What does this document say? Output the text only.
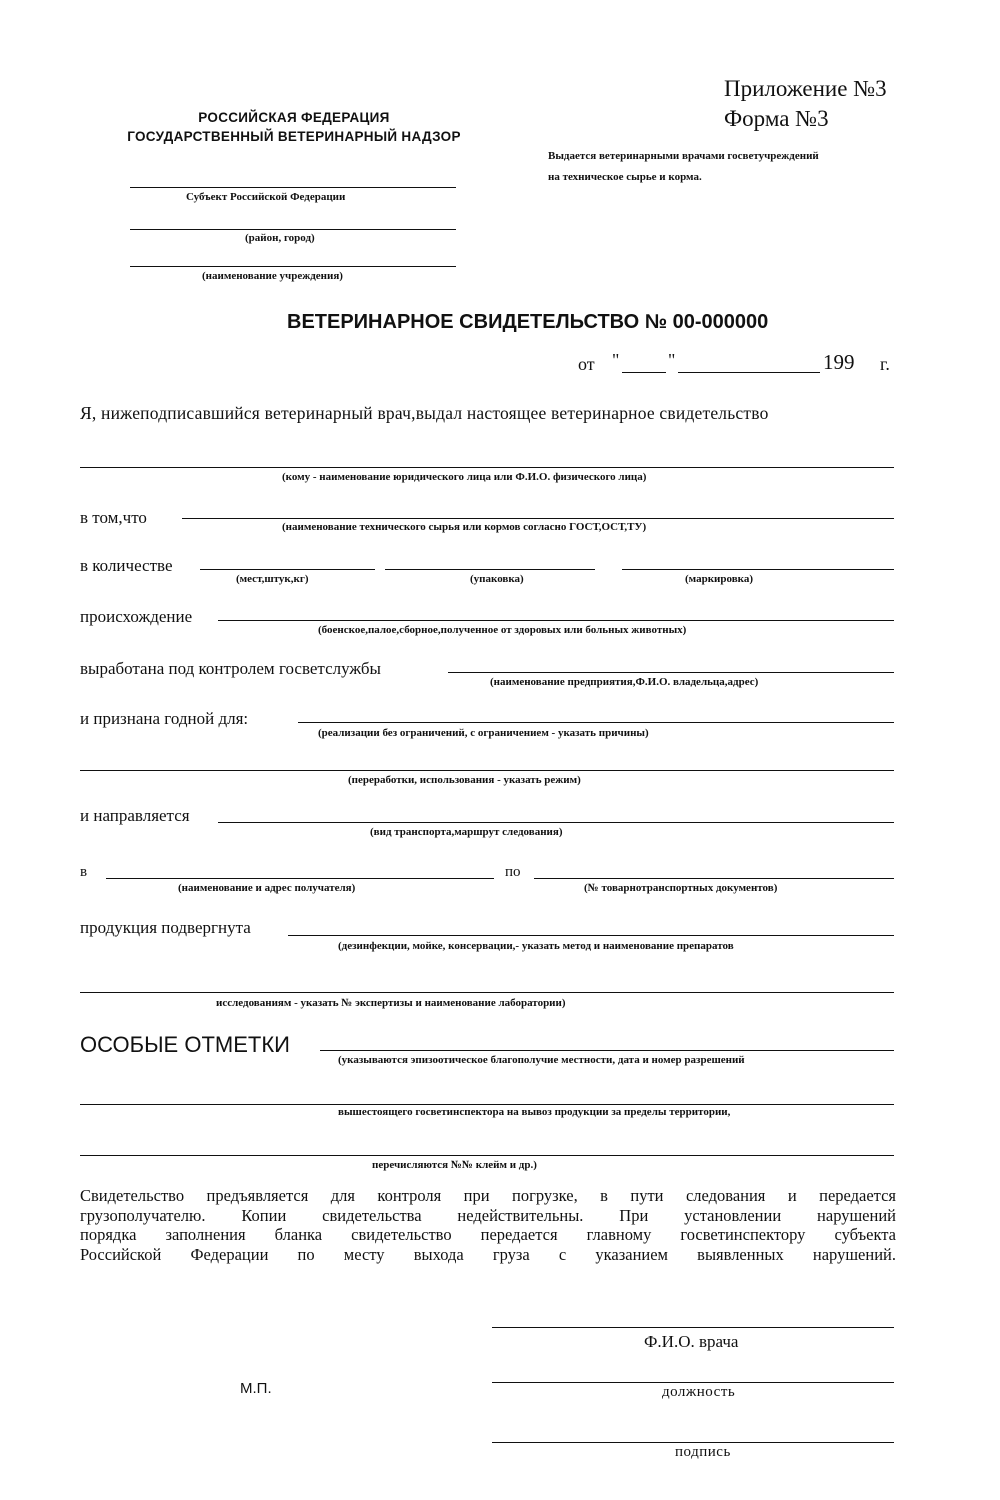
Приложение №3
Форма №3
РОССИЙСКАЯ ФЕДЕРАЦИЯ
ГОСУДАРСТВЕННЫЙ ВЕТЕРИНАРНЫЙ НАДЗОР
Выдается ветеринарными врачами госветучреждений
на техническое сырье и корма.
Субъект Российской Федерации
(район, город)
(наименование учреждения)
ВЕТЕРИНАРНОЕ СВИДЕТЕЛЬСТВО № 00-000000
от "	"	199 г.
Я, нижеподписавшийся ветеринарный врач,выдал настоящее ветеринарное свидетельство
(кому - наименование юридического лица или Ф.И.О. физического лица)
в том,что	(наименование технического сырья или кормов согласно ГОСТ,ОСТ,ТУ)
в количестве
(мест,штук,кг)	(упаковка)	(маркировка)
происхождение
(боенское,палое,сборное,полученное от здоровых или больных животных)
выработана под контролем госветслужбы
(наименование предприятия,Ф.И.О. владельца,адрес)
и признана годной для:
(реализации без ограничений, с ограничением - указать причины)
(переработки, использования - указать режим)
и направляется
(вид транспорта,маршрут следования)
в
(наименование и адрес получателя)
по
(№ товарнотранспортных документов)
продукция подвергнута
(дезинфекции, мойке, консервации,- указать метод и наименование препаратов
исследованиям - указать № экспертизы и наименование лаборатории)
ОСОБЫЕ ОТМЕТКИ
(указываются эпизоотическое благополучие местности, дата и номер разрешений
вышестоящего госветинспектора на вывоз продукции за пределы территории,
перечисляются №№ клейм и др.)
Свидетельство предъявляется для контроля при погрузке, в пути следования и передается
грузополучателю. Копии свидетельства недействительны. При установлении нарушений
порядка заполнения бланка свидетельство передается главному госветинспектору субъекта
Российской Федерации по месту выхода груза с указанием выявленных нарушений.
Ф.И.О. врача
М.П.	должность
подпись
